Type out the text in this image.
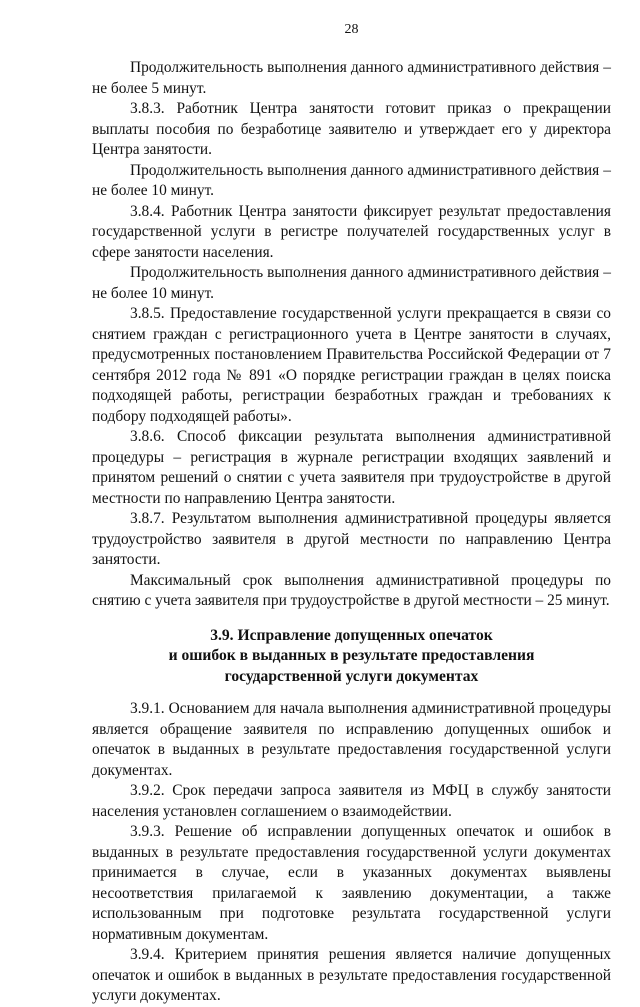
28

Продолжительность выполнения данного административного действия – не более 5 минут.

3.8.3. Работник Центра занятости готовит приказ о прекращении выплаты пособия по безработице заявителю и утверждает его у директора Центра занятости.

Продолжительность выполнения данного административного действия – не более 10 минут.

3.8.4. Работник Центра занятости фиксирует результат предоставления государственной услуги в регистре получателей государственных услуг в сфере занятости населения.

Продолжительность выполнения данного административного действия – не более 10 минут.

3.8.5. Предоставление государственной услуги прекращается в связи со снятием граждан с регистрационного учета в Центре занятости в случаях, предусмотренных постановлением Правительства Российской Федерации от 7 сентября 2012 года № 891 «О порядке регистрации граждан в целях поиска подходящей работы, регистрации безработных граждан и требованиях к подбору подходящей работы».

3.8.6. Способ фиксации результата выполнения административной процедуры – регистрация в журнале регистрации входящих заявлений и принятом решений о снятии с учета заявителя при трудоустройстве в другой местности по направлению Центра занятости.

3.8.7. Результатом выполнения административной процедуры является трудоустройство заявителя в другой местности по направлению Центра занятости.

Максимальный срок выполнения административной процедуры по снятию с учета заявителя при трудоустройстве в другой местности – 25 минут.

3.9. Исправление допущенных опечаток
и ошибок в выданных в результате предоставления
государственной услуги документах

3.9.1. Основанием для начала выполнения административной процедуры является обращение заявителя по исправлению допущенных ошибок и опечаток в выданных в результате предоставления государственной услуги документах.

3.9.2. Срок передачи запроса заявителя из МФЦ в службу занятости населения установлен соглашением о взаимодействии.

3.9.3. Решение об исправлении допущенных опечаток и ошибок в выданных в результате предоставления государственной услуги документах принимается в случае, если в указанных документах выявлены несоответствия прилагаемой к заявлению документации, а также использованным при подготовке результата государственной услуги нормативным документам.

3.9.4. Критерием принятия решения является наличие допущенных опечаток и ошибок в выданных в результате предоставления государственной услуги документах.
